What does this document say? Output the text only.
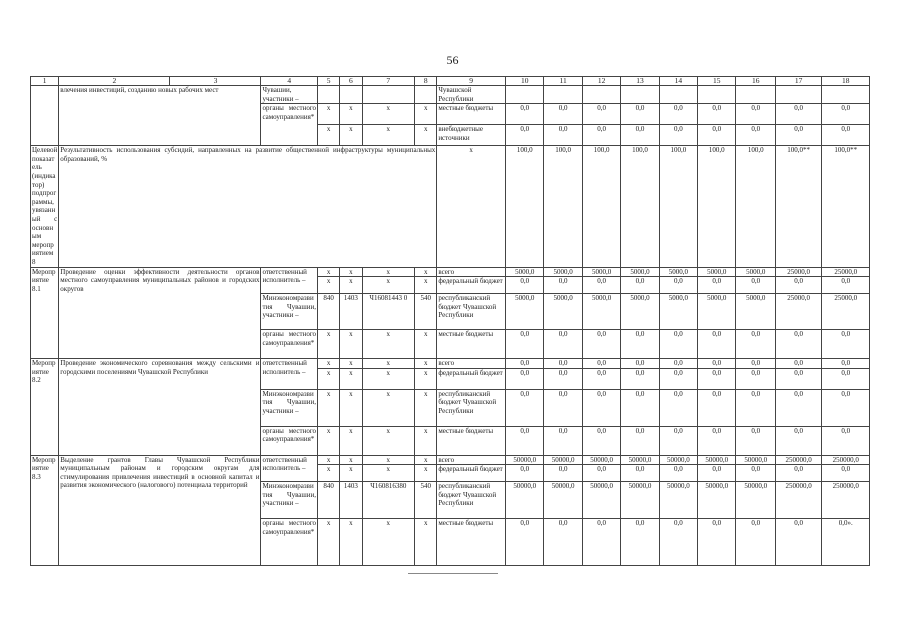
56
1	2	3	4	5	6	7	8	9	10	11	12	13	14	15	16	17	18
	влечения инвестиций, созданию новых рабочих мест		Чувашии, участники –					Чувашской Республики									
			органы местного самоуправления*	x	x	x	x	местные бюджеты	0,0	0,0	0,0	0,0	0,0	0,0	0,0	0,0	0,0
				x	x	x	x	внебюджетные источники	0,0	0,0	0,0	0,0	0,0	0,0	0,0	0,0	0,0
Целевой показатель (индикатор) подпрограммы, увязанный с основным мероприятием 8	Результативность использования субсидий, направленных на развитие общественной инфраструктуры муниципальных образований, %							x	100,0	100,0	100,0	100,0	100,0	100,0	100,0	100,0**	100,0**
Мероприятие 8.1	Проведение оценки эффективности деятельности органов местного самоуправления муниципальных районов и городских округов		ответственный исполнитель –	x	x	x	x	всего	5000,0	5000,0	5000,0	5000,0	5000,0	5000,0	5000,0	25000,0	25000,0
				x	x	x	x	федеральный бюджет	0,0	0,0	0,0	0,0	0,0	0,0	0,0	0,0	0,0
			Минэкономразвития Чувашии, участники –	840	1403	Ч16081443 0	540	республиканский бюджет Чувашской Республики	5000,0	5000,0	5000,0	5000,0	5000,0	5000,0	5000,0	25000,0	25000,0
			органы местного самоуправления*	x	x	x	x	местные бюджеты	0,0	0,0	0,0	0,0	0,0	0,0	0,0	0,0	0,0
Мероприятие 8.2	Проведение экономического соревнования между сельскими и городскими поселениями Чувашской Республики		ответственный исполнитель –	x	x	x	x	всего	0,0	0,0	0,0	0,0	0,0	0,0	0,0	0,0	0,0
				x	x	x	x	федеральный бюджет	0,0	0,0	0,0	0,0	0,0	0,0	0,0	0,0	0,0
			Минэкономразвития Чувашии, участники –	x	x	x	x	республиканский бюджет Чувашской Республики	0,0	0,0	0,0	0,0	0,0	0,0	0,0	0,0	0,0
			органы местного самоуправления*	x	x	x	x	местные бюджеты	0,0	0,0	0,0	0,0	0,0	0,0	0,0	0,0	0,0
Мероприятие 8.3	Выделение грантов Главы Чувашской Республики муниципальным районам и городским округам для стимулирования привлечения инвестиций в основной капитал и развития экономического (налогового) потенциала территорий		ответственный исполнитель –	x	x	x	x	всего	50000,0	50000,0	50000,0	50000,0	50000,0	50000,0	50000,0	250000,0	250000,0
				x	x	x	x	федеральный бюджет	0,0	0,0	0,0	0,0	0,0	0,0	0,0	0,0	0,0
			Минэкономразвития Чувашии, участники –	840	1403	Ч160816380	540	республиканский бюджет Чувашской Республики	50000,0	50000,0	50000,0	50000,0	50000,0	50000,0	50000,0	250000,0	250000,0
			органы местного самоуправления*	x	x	x	x	местные бюджеты	0,0	0,0	0,0	0,0	0,0	0,0	0,0	0,0	0,0».
